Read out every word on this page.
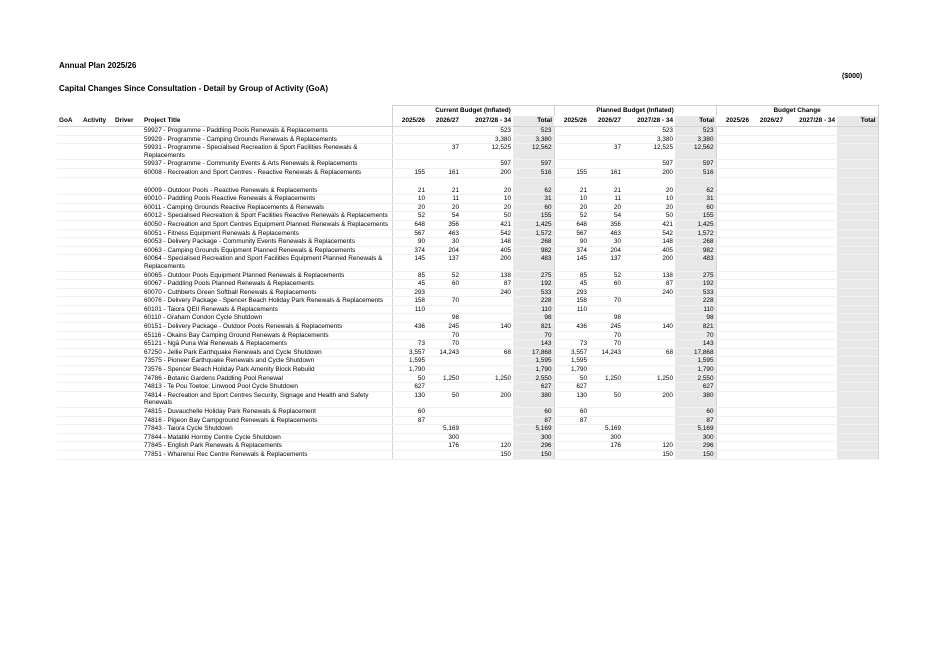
Annual Plan 2025/26
($000)
Capital Changes Since Consultation - Detail by Group of Activity (GoA)
				Current Budget (Inflated)				Planned Budget (Inflated)				Budget Change			
GoA	Activity	Driver	Project Title	2025/26	2026/27	2027/28 - 34	Total	2025/26	2026/27	2027/28 - 34	Total	2025/26	2026/27	2027/28 - 34	Total
			59927 - Programme - Paddling Pools Renewals & Replacements			523	523			523	523				
			59929 - Programme - Camping Grounds Renewals & Replacements			3,380	3,380			3,380	3,380				
			59931 - Programme - Specialised Recreation & Sport Facilities Renewals & Replacements		37	12,525	12,562		37	12,525	12,562				
			59937 - Programme - Community Events & Arts Renewals & Replacements			597	597			597	597				
			60008 - Recreation and Sport Centres - Reactive Renewals & Replacements	155	161	200	516	155	161	200	516				

			60009 - Outdoor Pools - Reactive Renewals & Replacements	21	21	20	62	21	21	20	62				
			60010 - Paddling Pools Reactive Renewals & Replacements	10	11	10	31	10	11	10	31				
			60011 - Camping Grounds Reactive Replacements & Renewals	20	20	20	60	20	20	20	60				
			60012 - Specialised Recreation & Sport Facilities Reactive Renewals & Replacements	52	54	50	155	52	54	50	155				
			60050 - Recreation and Sport Centres Equipment Planned Renewals & Replacements	648	356	421	1,425	648	356	421	1,425				
			60051 - Fitness Equipment Renewals & Replacements	567	463	542	1,572	567	463	542	1,572				
			60053 - Delivery Package - Community Events Renewals & Replacements	90	30	148	268	90	30	148	268				
			60063 - Camping Grounds Equipment Planned Renewals & Replacements	374	204	405	982	374	204	405	982				
			60064 - Specialised Recreation and Sport Facilities Equipment Planned Renewals & Replacements	145	137	200	483	145	137	200	483				
			60065 - Outdoor Pools Equipment Planned Renewals & Replacements	85	52	138	275	85	52	138	275				
			60067 - Paddling Pools Planned Renewals & Replacements	45	60	87	192	45	60	87	192				
			60070 - Cuthberts Green Softball Renewals & Replacements	293		240	533	293		240	533				
			60076 - Delivery Package - Spencer Beach Holiday Park Renewals & Replacements	158	70		228	158	70		228				
			60101 - Taiora QEII Renewals & Replacements	110			110	110			110				
			60110 - Graham Condon Cycle Shutdown		98		98		98		98				
			60151 - Delivery Package - Outdoor Pools Renewals & Replacements	436	245	140	821	436	245	140	821				
			65116 - Okains Bay Camping Ground Renewals & Replacements		70		70		70		70				
			65121 - Ngā Puna Wai Renewals & Replacements	73	70		143	73	70		143				
			67250 - Jellie Park Earthquake Renewals and Cycle Shutdown	3,557	14,243	68	17,868	3,557	14,243	68	17,868				
			73575 - Pioneer Earthquake Renewals and Cycle Shutdown	1,595			1,595	1,595			1,595				
			73576 - Spencer Beach Holiday Park Amenity Block Rebuild	1,790			1,790	1,790			1,790				
			74786 - Botanic Gardens Paddling Pool Renewal	50	1,250	1,250	2,550	50	1,250	1,250	2,550				
			74813 - Te Pou Toetoe: Linwood Pool Cycle Shutdown	627			627	627			627				
			74814 - Recreation and Sport Centres Security, Signage and Health and Safety Renewals	130	50	200	380	130	50	200	380				
			74815 - Duvauchelle Holiday Park Renewals & Replacement	60			60	60			60				
			74816 - Pigeon Bay Campground Renewals & Replacements	87			87	87			87				
			77843 - Taiora Cycle Shutdown		5,169		5,169		5,169		5,169				
			77844 - Matatiki Hornby Centre Cycle Shutdown		300		300		300		300				
			77845 - English Park Renewals & Replacements		176	120	296		176	120	296				
			77851 - Wharenui Rec Centre Renewals & Replacements			150	150			150	150				
